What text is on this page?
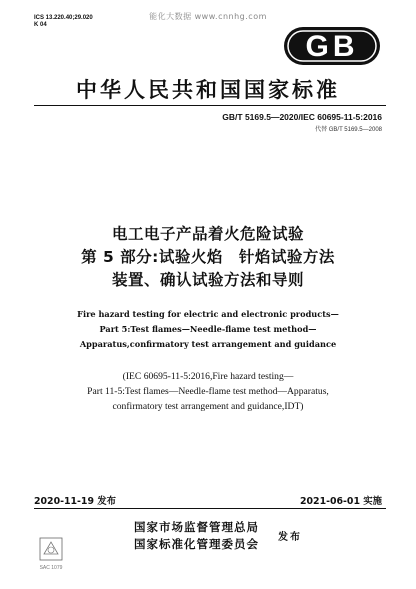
ICS 13.220.40;29.020
K 04
能化大数据 www.cnnhg.com
GB
中华人民共和国国家标准
GB/T 5169.5—2020/IEC 60695-11-5:2016
代替 GB/T 5169.5—2008
电工电子产品着火危险试验
第 5 部分:试验火焰　针焰试验方法
装置、确认试验方法和导则
Fire hazard testing for electric and electronic products—
Part 5:Test flames—Needle-flame test method—
Apparatus,confirmatory test arrangement and guidance
(IEC 60695-11-5:2016,Fire hazard testing—
Part 11-5:Test flames—Needle-flame test method—Apparatus,
confirmatory test arrangement and guidance,IDT)
2020-11-19 发布	2021-06-01 实施
国家市场监督管理总局
国家标准化管理委员会 发布
SAC 1079
